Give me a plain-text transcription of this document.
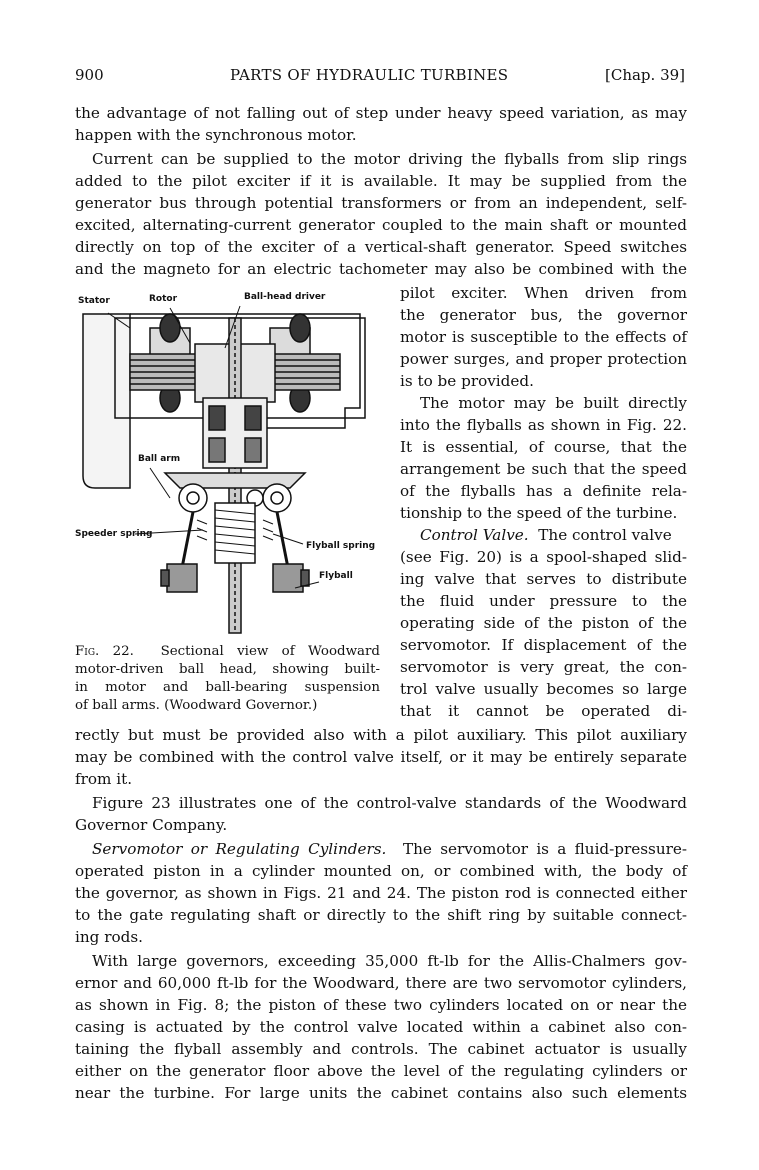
900	PARTS OF HYDRAULIC TURBINES	[Chap. 39]
the advantage of not falling out of step under heavy speed variation, as may
happen with the synchronous motor.
Current can be supplied to the motor driving the flyballs from slip rings
added to the pilot exciter if it is available. It may be supplied from the
generator bus through potential transformers or from an independent, self-
excited, alternating-current generator coupled to the main shaft or mounted
directly on top of the exciter of a vertical-shaft generator. Speed switches
and the magneto for an electric tachometer may also be combined with the
pilot exciter. When driven from
the generator bus, the governor
motor is susceptible to the effects of
power surges, and proper protection
is to be provided.
The motor may be built directly
into the flyballs as shown in Fig. 22.
It is essential, of course, that the
arrangement be such that the speed
of the flyballs has a definite rela-
tionship to the speed of the turbine.
Control Valve. The control valve
(see Fig. 20) is a spool-shaped slid-
ing valve that serves to distribute
the fluid under pressure to the
operating side of the piston of the
servomotor. If displacement of the
servomotor is very great, the con-
trol valve usually becomes so large
that it cannot be operated di-
Stator	Rotor	Ball-head driver
Ball arm
Speeder spring
Flyball spring
Flyball
Fig. 22. Sectional view of Woodward
motor-driven ball head, showing built-
in motor and ball-bearing suspension
of ball arms. (Woodward Governor.)
rectly but must be provided also with a pilot auxiliary. This pilot auxiliary
may be combined with the control valve itself, or it may be entirely separate
from it.
Figure 23 illustrates one of the control-valve standards of the Woodward
Governor Company.
Servomotor or Regulating Cylinders. The servomotor is a fluid-pressure-
operated piston in a cylinder mounted on, or combined with, the body of
the governor, as shown in Figs. 21 and 24. The piston rod is connected either
to the gate regulating shaft or directly to the shift ring by suitable connect-
ing rods.
With large governors, exceeding 35,000 ft-lb for the Allis-Chalmers gov-
ernor and 60,000 ft-lb for the Woodward, there are two servomotor cylinders,
as shown in Fig. 8; the piston of these two cylinders located on or near the
casing is actuated by the control valve located within a cabinet also con-
taining the flyball assembly and controls. The cabinet actuator is usually
either on the generator floor above the level of the regulating cylinders or
near the turbine. For large units the cabinet contains also such elements
